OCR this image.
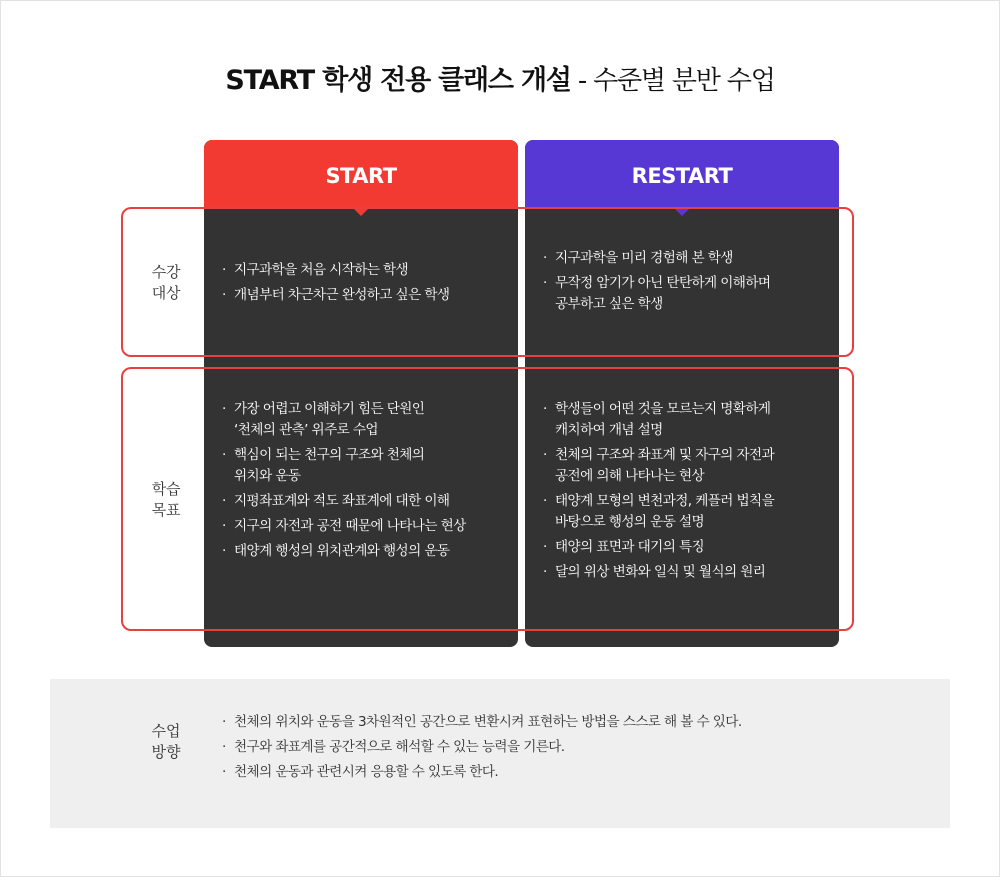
START 학생 전용 클래스 개설 - 수준별 분반 수업
START	RESTART
수강
대상
학습
목표
· 지구과학을 처음 시작하는 학생
· 개념부터 차근차근 완성하고 싶은 학생
· 지구과학을 미리 경험해 본 학생
· 무작정 암기가 아닌 탄탄하게 이해하며
공부하고 싶은 학생
· 가장 어렵고 이해하기 힘든 단원인
‘천체의 관측’ 위주로 수업
· 핵심이 되는 천구의 구조와 천체의
위치와 운동
· 지평좌표계와 적도 좌표계에 대한 이해
· 지구의 자전과 공전 때문에 나타나는 현상
· 태양계 행성의 위치관계와 행성의 운동
· 학생들이 어떤 것을 모르는지 명확하게
캐치하여 개념 설명
· 천체의 구조와 좌표계 및 자구의 자전과
공전에 의해 나타나는 현상
· 태양계 모형의 변천과정, 케플러 법칙을
바탕으로 행성의 운동 설명
· 태양의 표면과 대기의 특징
· 달의 위상 변화와 일식 및 월식의 원리
수업
방향
· 천체의 위치와 운동을 3차원적인 공간으로 변환시켜 표현하는 방법을 스스로 해 볼 수 있다.
· 천구와 좌표계를 공간적으로 해석할 수 있는 능력을 기른다.
· 천체의 운동과 관련시켜 응용할 수 있도록 한다.
